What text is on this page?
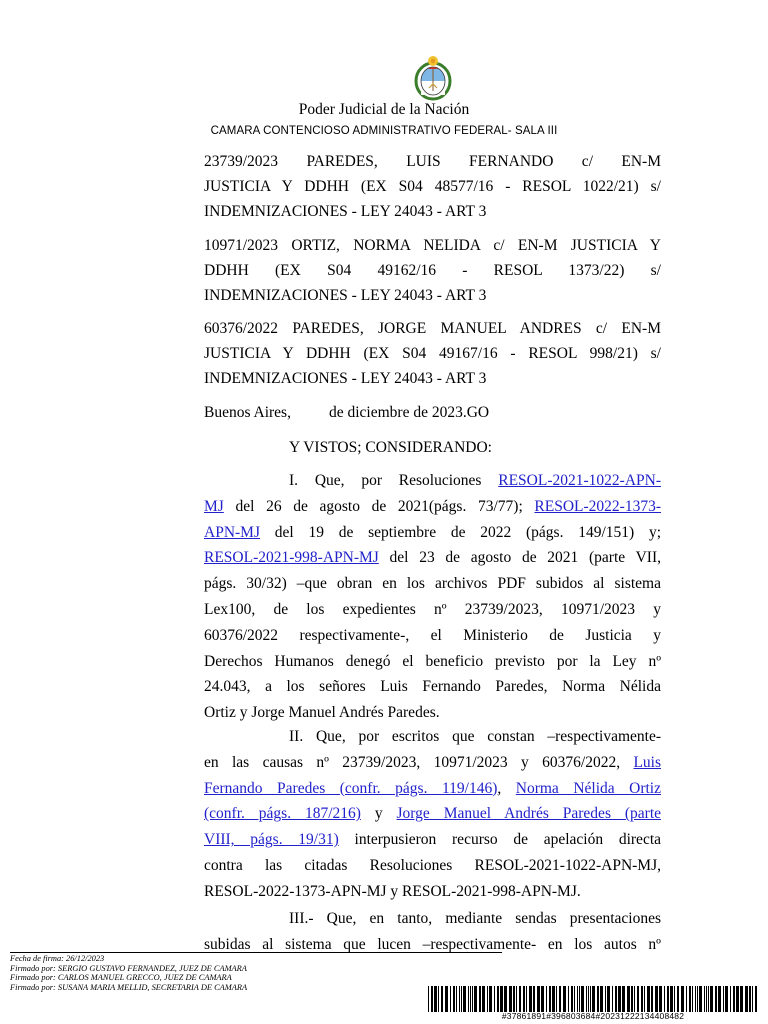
Poder Judicial de la Nación
CAMARA CONTENCIOSO ADMINISTRATIVO FEDERAL- SALA III
23739/2023 PAREDES, LUIS FERNANDO c/ EN-M
JUSTICIA Y DDHH (EX S04 48577/16 - RESOL 1022/21) s/
INDEMNIZACIONES - LEY 24043 - ART 3
10971/2023 ORTIZ, NORMA NELIDA c/ EN-M JUSTICIA Y
DDHH (EX S04 49162/16 - RESOL 1373/22) s/
INDEMNIZACIONES - LEY 24043 - ART 3
60376/2022 PAREDES, JORGE MANUEL ANDRES c/ EN-M
JUSTICIA Y DDHH (EX S04 49167/16 - RESOL 998/21) s/
INDEMNIZACIONES - LEY 24043 - ART 3
Buenos Aires, de diciembre de 2023.GO
Y VISTOS; CONSIDERANDO:
I. Que, por Resoluciones RESOL-2021-1022-APN-
MJ del 26 de agosto de 2021(págs. 73/77); RESOL-2022-1373-
APN-MJ del 19 de septiembre de 2022 (págs. 149/151) y;
RESOL-2021-998-APN-MJ del 23 de agosto de 2021 (parte VII,
págs. 30/32) –que obran en los archivos PDF subidos al sistema
Lex100, de los expedientes nº 23739/2023, 10971/2023 y
60376/2022 respectivamente-, el Ministerio de Justicia y
Derechos Humanos denegó el beneficio previsto por la Ley nº
24.043, a los señores Luis Fernando Paredes, Norma Nélida
Ortiz y Jorge Manuel Andrés Paredes.
II. Que, por escritos que constan –respectivamente-
en las causas nº 23739/2023, 10971/2023 y 60376/2022, Luis
Fernando Paredes (confr. págs. 119/146), Norma Nélida Ortiz
(confr. págs. 187/216) y Jorge Manuel Andrés Paredes (parte
VIII, págs. 19/31) interpusieron recurso de apelación directa
contra las citadas Resoluciones RESOL-2021-1022-APN-MJ,
RESOL-2022-1373-APN-MJ y RESOL-2021-998-APN-MJ.
III.- Que, en tanto, mediante sendas presentaciones
subidas al sistema que lucen –respectivamente- en los autos nº
Fecha de firma: 26/12/2023
Firmado por: SERGIO GUSTAVO FERNANDEZ, JUEZ DE CAMARA
Firmado por: CARLOS MANUEL GRECCO, JUEZ DE CAMARA
Firmado por: SUSANA MARIA MELLID, SECRETARIA DE CAMARA
#37861891#396803684#20231222134408482
